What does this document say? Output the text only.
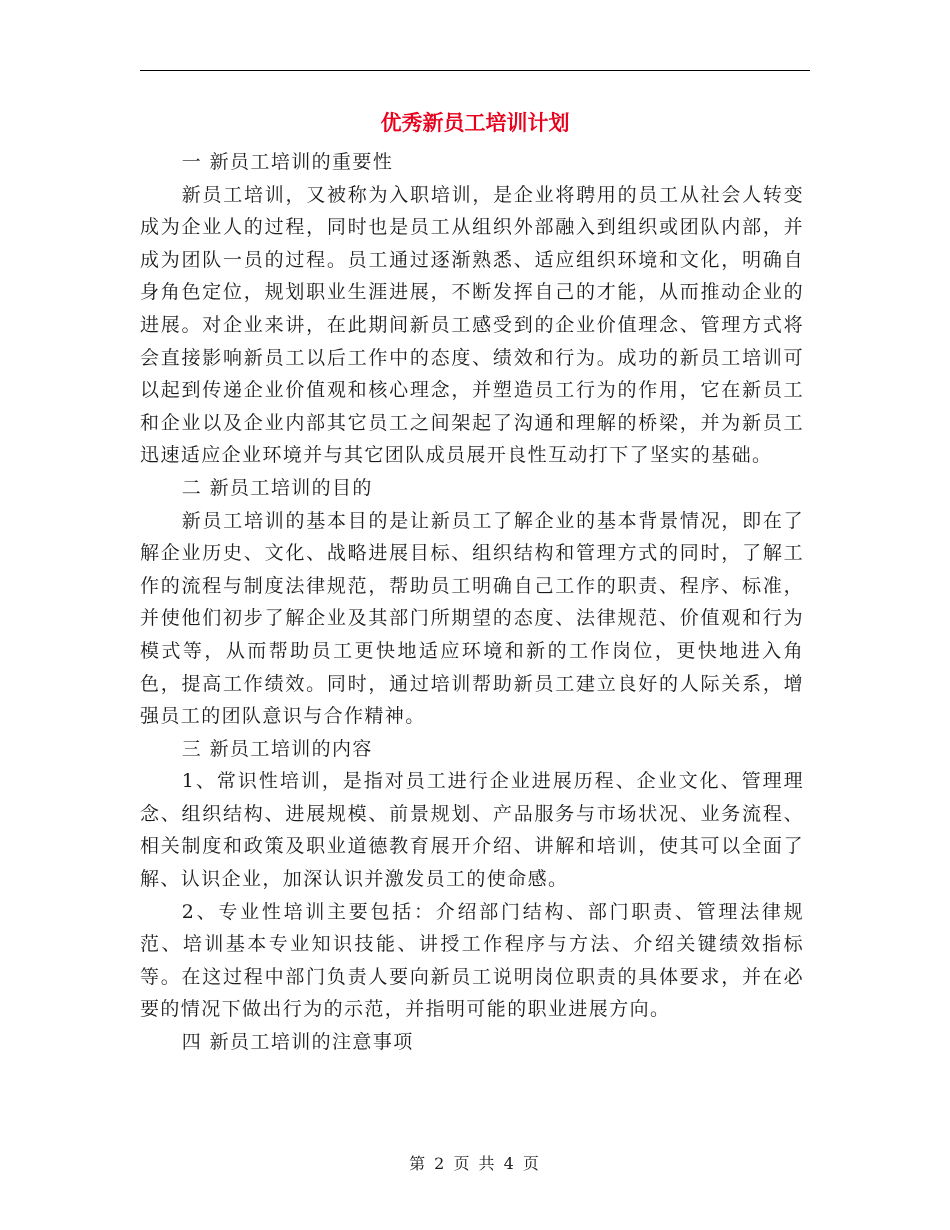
优秀新员工培训计划

一 新员工培训的重要性

新员工培训，又被称为入职培训，是企业将聘用的员工从社会人转变成为企业人的过程，同时也是员工从组织外部融入到组织或团队内部，并成为团队一员的过程。员工通过逐渐熟悉、适应组织环境和文化，明确自身角色定位，规划职业生涯进展，不断发挥自己的才能，从而推动企业的进展。对企业来讲，在此期间新员工感受到的企业价值理念、管理方式将会直接影响新员工以后工作中的态度、绩效和行为。成功的新员工培训可以起到传递企业价值观和核心理念，并塑造员工行为的作用，它在新员工和企业以及企业内部其它员工之间架起了沟通和理解的桥梁，并为新员工迅速适应企业环境并与其它团队成员展开良性互动打下了坚实的基础。

二 新员工培训的目的

新员工培训的基本目的是让新员工了解企业的基本背景情况，即在了解企业历史、文化、战略进展目标、组织结构和管理方式的同时，了解工作的流程与制度法律规范，帮助员工明确自己工作的职责、程序、标准，并使他们初步了解企业及其部门所期望的态度、法律规范、价值观和行为模式等，从而帮助员工更快地适应环境和新的工作岗位，更快地进入角色，提高工作绩效。同时，通过培训帮助新员工建立良好的人际关系，增强员工的团队意识与合作精神。

三 新员工培训的内容

1、常识性培训，是指对员工进行企业进展历程、企业文化、管理理念、组织结构、进展规模、前景规划、产品服务与市场状况、业务流程、相关制度和政策及职业道德教育展开介绍、讲解和培训，使其可以全面了解、认识企业，加深认识并激发员工的使命感。

2、专业性培训主要包括：介绍部门结构、部门职责、管理法律规范、培训基本专业知识技能、讲授工作程序与方法、介绍关键绩效指标等。在这过程中部门负责人要向新员工说明岗位职责的具体要求，并在必要的情况下做出行为的示范，并指明可能的职业进展方向。

四 新员工培训的注意事项

第 2 页 共 4 页
